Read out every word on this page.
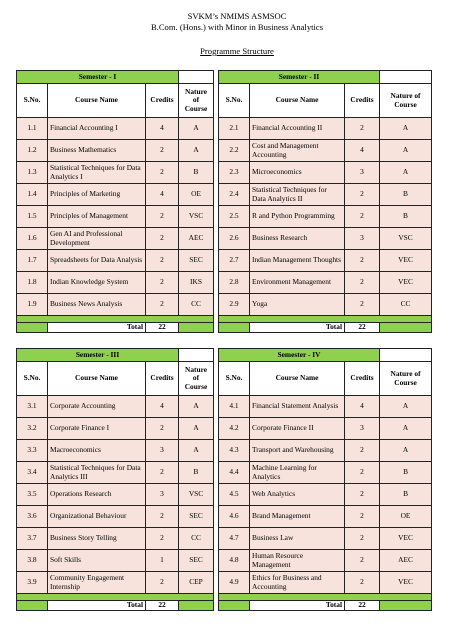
SVKM’s NMIMS ASMSOC
B.Com. (Hons.) with Minor in Business Analytics
Programme Structure
Semester - I					Semester - II			
S.No.	Course Name	Credits	Nature of Course		S.No.	Course Name	Credits	Nature of Course
1.1	Financial Accounting I	4	A		2.1	Financial Accounting II	2	A
1.2	Business Mathematics	2	A		2.2	Cost and Management Accounting	4	A
1.3	Statistical Techniques for Data Analytics I	2	B		2.3	Microeconomics	3	A
1.4	Principles of Marketing	4	OE		2.4	Statistical Techniques for Data Analytics II	2	B
1.5	Principles of Management	2	VSC		2.5	R and Python Programming	2	B
1.6	Gen AI and Professional Development	2	AEC		2.6	Business Research	3	VSC
1.7	Spreadsheets for Data Analysis	2	SEC		2.7	Indian Management Thoughts	2	VEC
1.8	Indian Knowledge System	2	IKS		2.8	Environment Management	2	VEC
1.9	Business News Analysis	2	CC		2.9	Yoga	2	CC

	Total	22				Total	22	
Semester - III					Semester - IV			
S.No.	Course Name	Credits	Nature of Course		S.No.	Course Name	Credits	Nature of Course
3.1	Corporate Accounting	4	A		4.1	Financial Statement Analysis	4	A
3.2	Corporate Finance I	2	A		4.2	Corporate Finance II	3	A
3.3	Macroeconomics	3	A		4.3	Transport and Warehousing	2	A
3.4	Statistical Techniques for Data Analytics III	2	B		4.4	Machine Learning for Analytics	2	B
3.5	Operations Research	3	VSC		4.5	Web Analytics	2	B
3.6	Organizational Behaviour	2	SEC		4.6	Brand Management	2	OE
3.7	Business Story Telling	2	CC		4.7	Business Law	2	VEC
3.8	Soft Skills	1	SEC		4.8	Human Resource Management	2	AEC
3.9	Community Engagement Internship	2	CEP		4.9	Ethics for Business and Accounting	2	VEC

	Total	22				Total	22	
